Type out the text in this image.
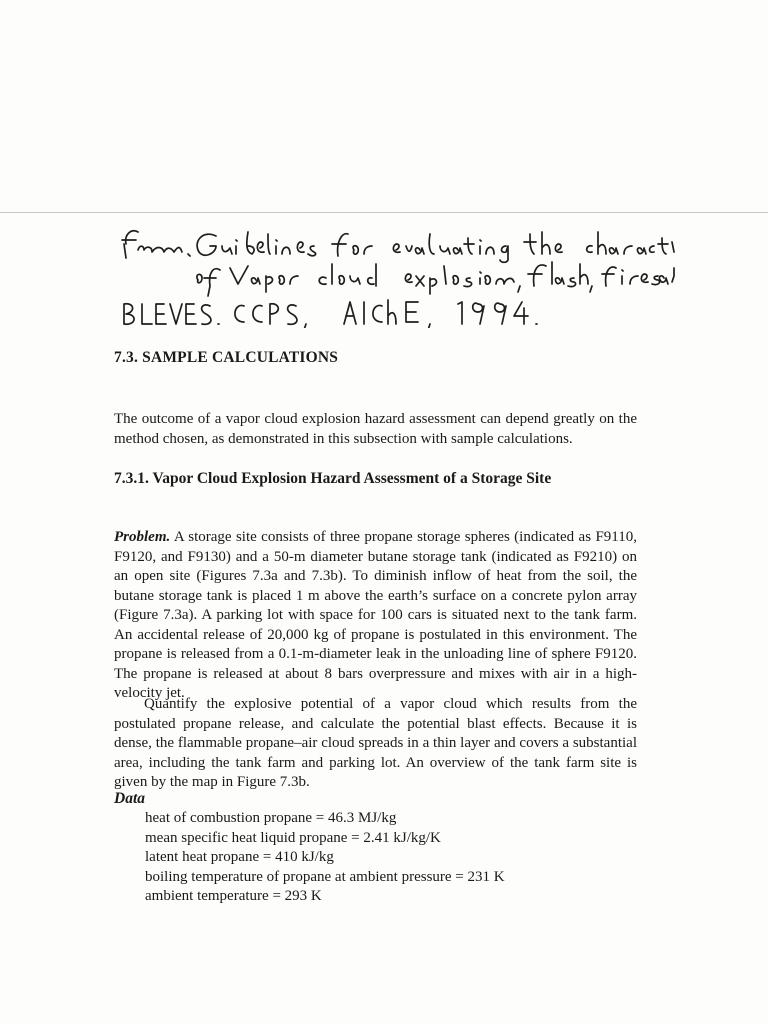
7.3. SAMPLE CALCULATIONS

The outcome of a vapor cloud explosion hazard assessment can depend greatly on the method chosen, as demonstrated in this subsection with sample calculations.

7.3.1. Vapor Cloud Explosion Hazard Assessment of a Storage Site

Problem. A storage site consists of three propane storage spheres (indicated as F9110, F9120, and F9130) and a 50-m diameter butane storage tank (indicated as F9210) on an open site (Figures 7.3a and 7.3b). To diminish inflow of heat from the soil, the butane storage tank is placed 1 m above the earth’s surface on a concrete pylon array (Figure 7.3a). A parking lot with space for 100 cars is situated next to the tank farm. An accidental release of 20,000 kg of propane is postulated in this environment. The propane is released from a 0.1-m-diameter leak in the unloading line of sphere F9120. The propane is released at about 8 bars overpressure and mixes with air in a high-velocity jet.

Quantify the explosive potential of a vapor cloud which results from the postulated propane release, and calculate the potential blast effects. Because it is dense, the flammable propane–air cloud spreads in a thin layer and covers a substantial area, including the tank farm and parking lot. An overview of the tank farm site is given by the map in Figure 7.3b.

Data
heat of combustion propane = 46.3 MJ/kg
mean specific heat liquid propane = 2.41 kJ/kg/K
latent heat propane = 410 kJ/kg
boiling temperature of propane at ambient pressure = 231 K
ambient temperature = 293 K
